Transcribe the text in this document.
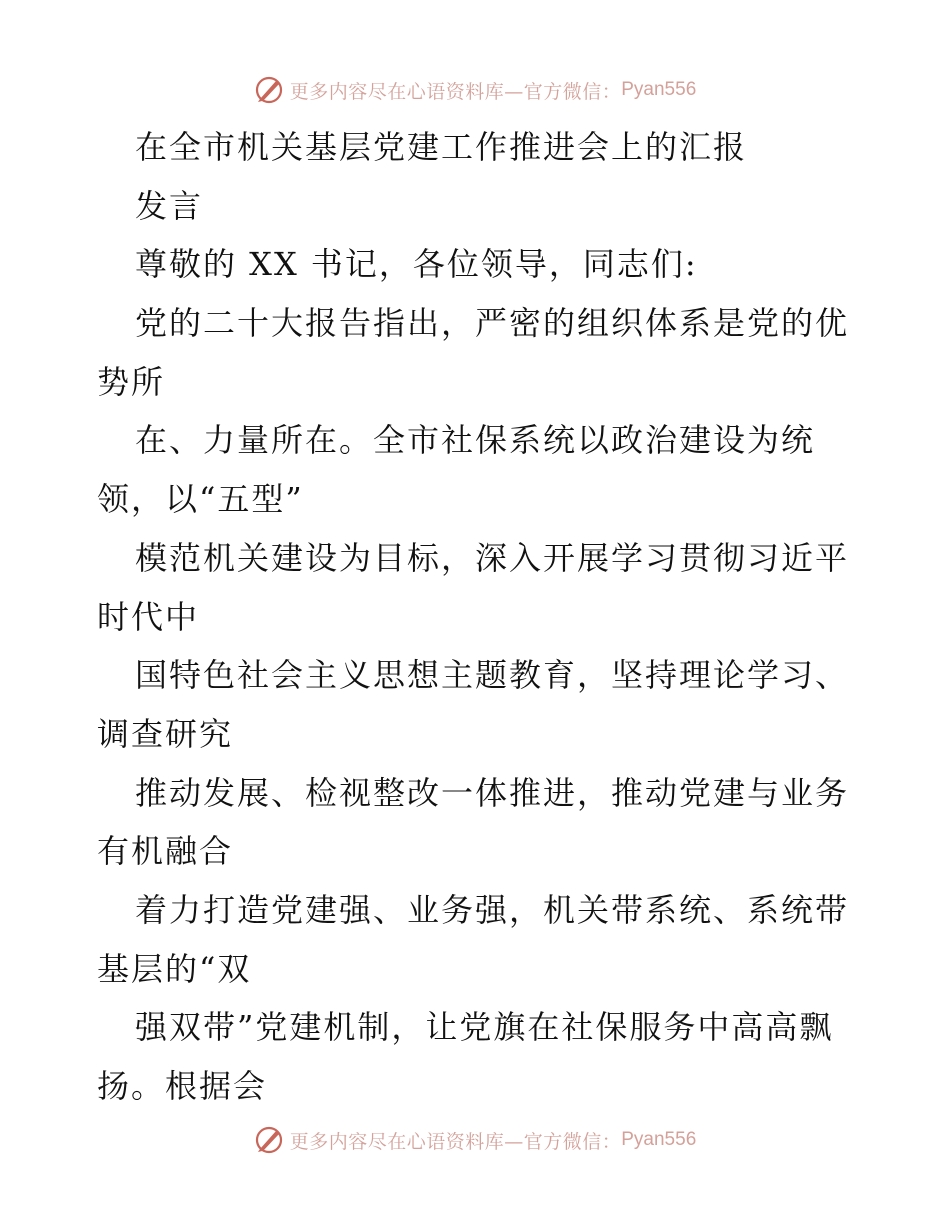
更多内容尽在心语资料库—官方微信： Pyan556
在全市机关基层党建工作推进会上的汇报
发言
尊敬的 XX 书记，各位领导，同志们:
党的二十大报告指出，严密的组织体系是党的优
势所
在、力量所在。全市社保系统以政治建设为统
领，以“五型”
模范机关建设为目标，深入开展学习贯彻习近平
时代中
国特色社会主义思想主题教育，坚持理论学习、
调查研究
推动发展、检视整改一体推进，推动党建与业务
有机融合
着力打造党建强、业务强，机关带系统、系统带
基层的“双
强双带”党建机制，让党旗在社保服务中高高飘
扬。根据会
更多内容尽在心语资料库—官方微信： Pyan556
